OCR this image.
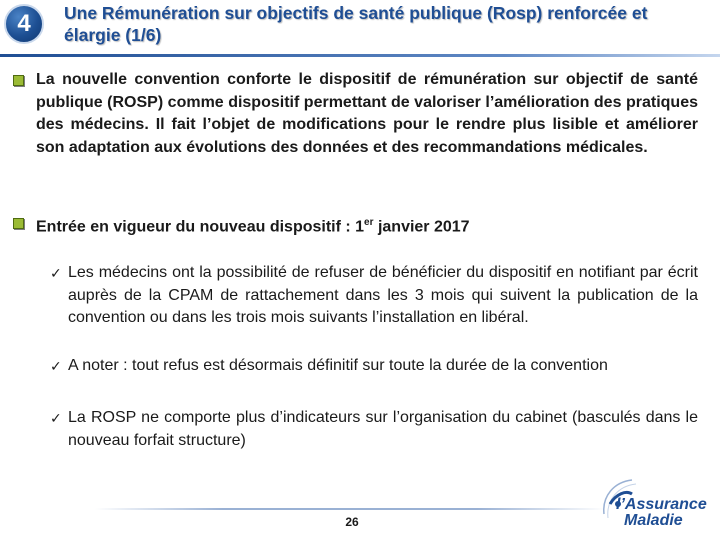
4 Une Rémunération sur objectifs de santé publique (Rosp) renforcée et
élargie (1/6)
La nouvelle convention conforte le dispositif de rémunération sur objectif de santé publique (ROSP) comme dispositif permettant de valoriser l’amélioration des pratiques des médecins. Il fait l’objet de modifications pour le rendre plus lisible et améliorer son adaptation aux évolutions des données et des recommandations médicales.
Entrée en vigueur du nouveau dispositif : 1er janvier 2017
✓ Les médecins ont la possibilité de refuser de bénéficier du dispositif en notifiant par écrit auprès de la CPAM de rattachement dans les 3 mois qui suivent la publication de la convention ou dans les trois mois suivants l’installation en libéral.
✓ A noter : tout refus est désormais définitif sur toute la durée de la convention
✓ La ROSP ne comporte plus d’indicateurs sur l’organisation du cabinet (basculés dans le nouveau forfait structure)
26
l’Assurance
Maladie
